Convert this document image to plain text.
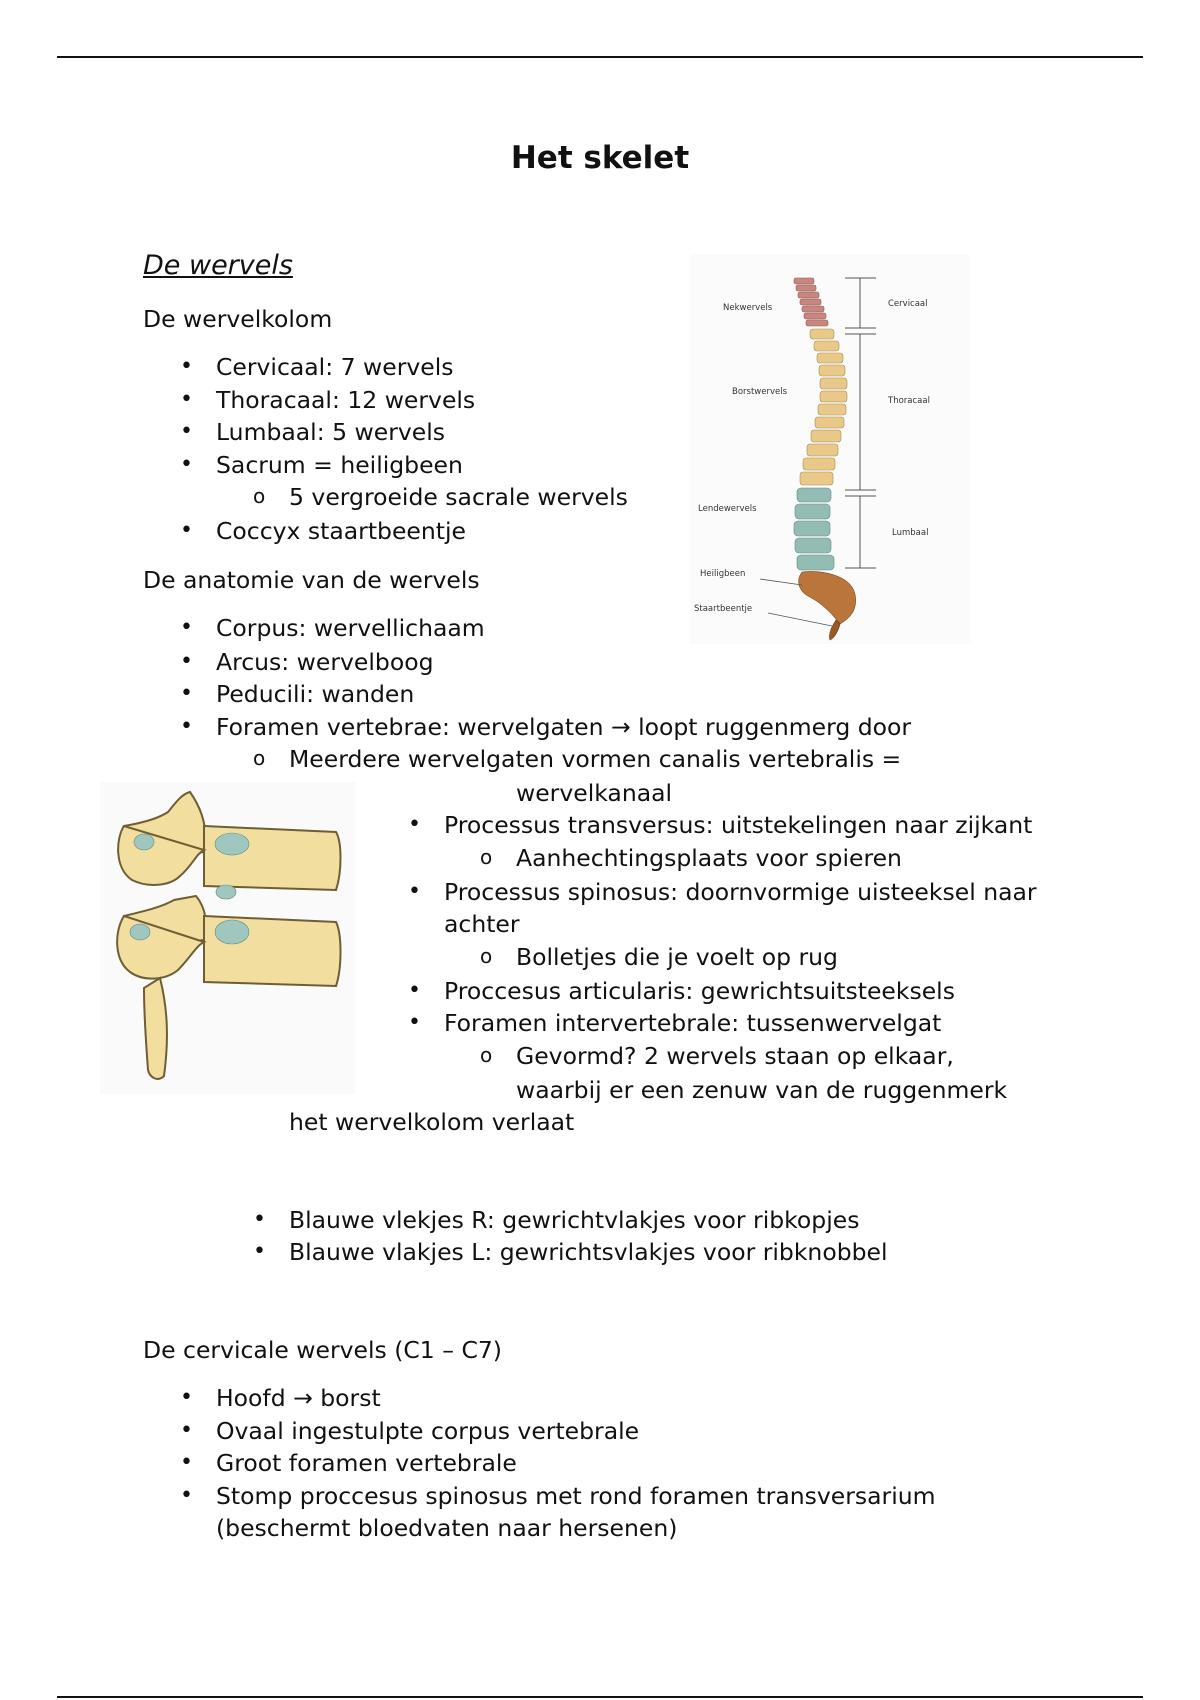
Het skelet

De wervels

De wervelkolom

• Cervicaal: 7 wervels

• Thoracaal: 12 wervels

• Lumbaal: 5 wervels

• Sacrum = heiligbeen

o 5 vergroeide sacrale wervels

• Coccyx staartbeentje

De anatomie van de wervels

• Corpus: wervellichaam

• Arcus: wervelboog

• Peducili: wanden

• Foramen vertebrae: wervelgaten → loopt ruggenmerg door

o Meerdere wervelgaten vormen canalis vertebralis =

wervelkanaal

• Processus transversus: uitstekelingen naar zijkant

o Aanhechtingsplaats voor spieren

• Processus spinosus: doornvormige uisteeksel naar

achter

o Bolletjes die je voelt op rug

• Proccesus articularis: gewrichtsuitsteeksels

• Foramen intervertebrale: tussenwervelgat

o Gevormd? 2 wervels staan op elkaar,

waarbij er een zenuw van de ruggenmerk

het wervelkolom verlaat

• Blauwe vlekjes R: gewrichtvlakjes voor ribkopjes

• Blauwe vlakjes L: gewrichtsvlakjes voor ribknobbel

De cervicale wervels (C1 – C7)

• Hoofd → borst

• Ovaal ingestulpte corpus vertebrale

• Groot foramen vertebrale

• Stomp proccesus spinosus met rond foramen transversarium

(beschermt bloedvaten naar hersenen)

Nekwervels
Borstwervels
Lendewervels
Heiligbeen
Staartbeentje
Cervicaal
Thoracaal
Lumbaal
